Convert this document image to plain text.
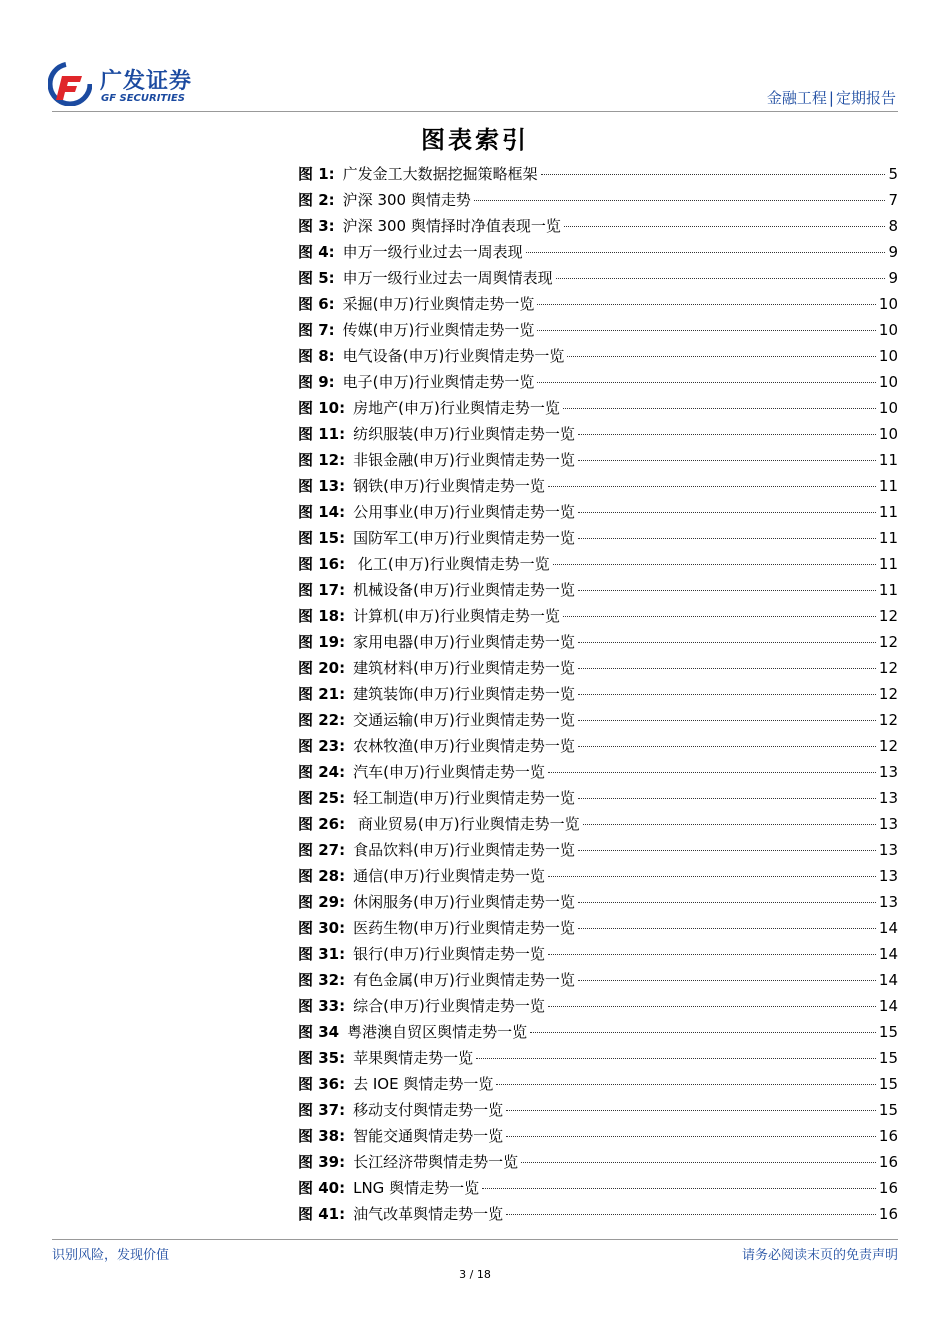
广发证券
GF SECURITIES	金融工程 | 定期报告
图表索引
图 1: 广发金工大数据挖掘策略框架	5
图 2: 沪深 300 舆情走势	7
图 3: 沪深 300 舆情择时净值表现一览	8
图 4: 申万一级行业过去一周表现	9
图 5: 申万一级行业过去一周舆情表现	9
图 6: 采掘(申万)行业舆情走势一览	10
图 7: 传媒(申万)行业舆情走势一览	10
图 8: 电气设备(申万)行业舆情走势一览	10
图 9: 电子(申万)行业舆情走势一览	10
图 10: 房地产(申万)行业舆情走势一览	10
图 11: 纺织服装(申万)行业舆情走势一览	10
图 12: 非银金融(申万)行业舆情走势一览	11
图 13: 钢铁(申万)行业舆情走势一览	11
图 14: 公用事业(申万)行业舆情走势一览	11
图 15: 国防军工(申万)行业舆情走势一览	11
图 16: 化工(申万)行业舆情走势一览	11
图 17: 机械设备(申万)行业舆情走势一览	11
图 18: 计算机(申万)行业舆情走势一览	12
图 19: 家用电器(申万)行业舆情走势一览	12
图 20: 建筑材料(申万)行业舆情走势一览	12
图 21: 建筑装饰(申万)行业舆情走势一览	12
图 22: 交通运输(申万)行业舆情走势一览	12
图 23: 农林牧渔(申万)行业舆情走势一览	12
图 24: 汽车(申万)行业舆情走势一览	13
图 25: 轻工制造(申万)行业舆情走势一览	13
图 26: 商业贸易(申万)行业舆情走势一览	13
图 27: 食品饮料(申万)行业舆情走势一览	13
图 28: 通信(申万)行业舆情走势一览	13
图 29: 休闲服务(申万)行业舆情走势一览	13
图 30: 医药生物(申万)行业舆情走势一览	14
图 31: 银行(申万)行业舆情走势一览	14
图 32: 有色金属(申万)行业舆情走势一览	14
图 33: 综合(申万)行业舆情走势一览	14
图 34 粤港澳自贸区舆情走势一览	15
图 35: 苹果舆情走势一览	15
图 36: 去 IOE 舆情走势一览	15
图 37: 移动支付舆情走势一览	15
图 38: 智能交通舆情走势一览	16
图 39: 长江经济带舆情走势一览	16
图 40: LNG 舆情走势一览	16
图 41: 油气改革舆情走势一览	16
识别风险，发现价值	请务必阅读末页的免责声明
3 / 18
